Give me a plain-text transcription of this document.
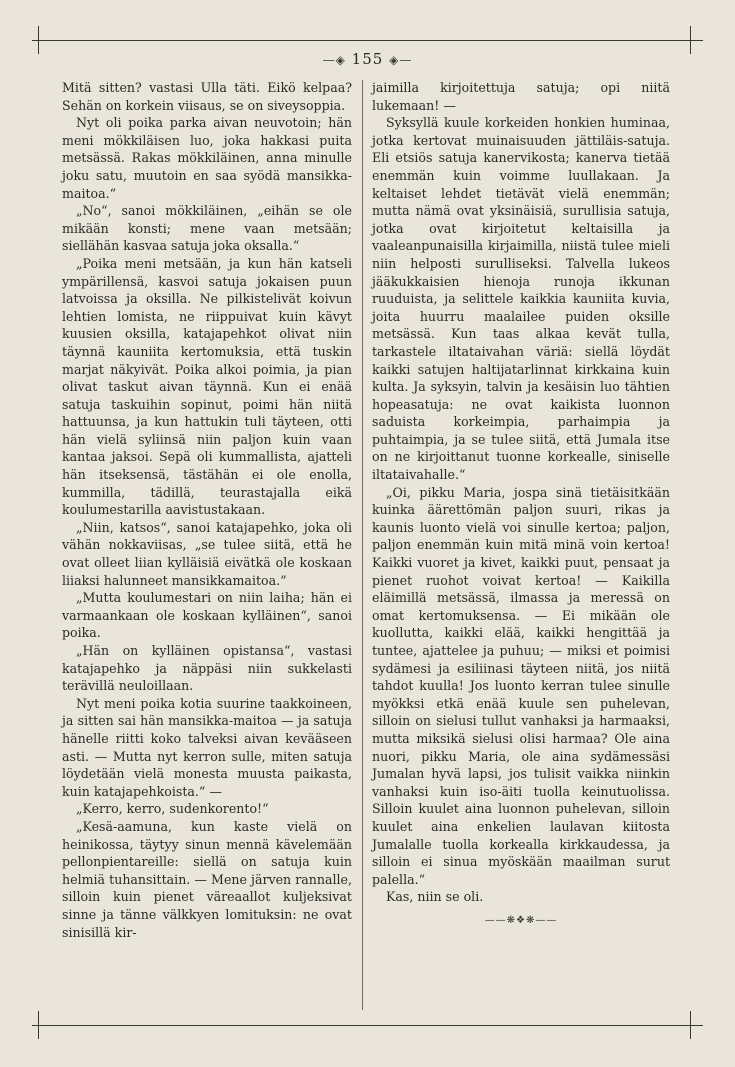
—◈ 155 ◈—

Mitä sitten? vastasi Ulla täti. Eikö kelpaa? Sehän on korkein viisaus, se on siveysoppia.

Nyt oli poika parka aivan neuvotoin; hän meni mökkiläisen luo, joka hakkasi puita metsässä. Rakas mökkiläinen, anna minulle joku satu, muutoin en saa syödä mansikka-maitoa.“

„No“, sanoi mökkiläinen, „eihän se ole mikään konsti; mene vaan metsään; siellähän kasvaa satuja joka oksalla.“

„Poika meni metsään, ja kun hän katseli ympärillensä, kasvoi satuja jokaisen puun latvoissa ja oksilla. Ne pilkistelivät koivun lehtien lomista, ne riippuivat kuin kävyt kuusien oksilla, katajapehkot olivat niin täynnä kauniita kertomuksia, että tuskin marjat näkyivät. Poika alkoi poimia, ja pian olivat taskut aivan täynnä. Kun ei enää satuja taskuihin sopinut, poimi hän niitä hattuunsa, ja kun hattukin tuli täyteen, otti hän vielä syliinsä niin paljon kuin vaan kantaa jaksoi. Sepä oli kummallista, ajatteli hän itseksensä, tästähän ei ole enolla, kummilla, tädillä, teurastajalla eikä koulumestarilla aavistustakaan.

„Niin, katsos“, sanoi katajapehko, joka oli vähän nokkaviisas, „se tulee siitä, että he ovat olleet liian kylläisiä eivätkä ole koskaan liiaksi halunneet mansikkamaitoa.“

„Mutta koulumestari on niin laiha; hän ei varmaankaan ole koskaan kylläinen“, sanoi poika.

„Hän on kylläinen opistansa“, vastasi katajapehko ja näppäsi niin sukkelasti terävillä neuloillaan.

Nyt meni poika kotia suurine taakkoineen, ja sitten sai hän mansikka-maitoa — ja satuja hänelle riitti koko talveksi aivan kevääseen asti. — Mutta nyt kerron sulle, miten satuja löydetään vielä monesta muusta paikasta, kuin katajapehkoista.“ —

„Kerro, kerro, sudenkorento!“

„Kesä-aamuna, kun kaste vielä on heinikossa, täytyy sinun mennä kävelemään pellonpientareille: siellä on satuja kuin helmiä tuhansittain. — Mene järven rannalle, silloin kuin pienet väreaallot kuljeksivat sinne ja tänne välkkyen lomituksin: ne ovat sinisillä kir-

jaimilla kirjoitettuja satuja; opi niitä lukemaan! —

Syksyllä kuule korkeiden honkien huminaa, jotka kertovat muinaisuuden jättiläis-satuja. Eli etsiös satuja kanervikosta; kanerva tietää enemmän kuin voimme luullakaan. Ja keltaiset lehdet tietävät vielä enemmän; mutta nämä ovat yksinäisiä, surullisia satuja, jotka ovat kirjoitetut keltaisilla ja vaaleanpunaisilla kirjaimilla, niistä tulee mieli niin helposti surulliseksi. Talvella lukeos jääkukkaisien hienoja runoja ikkunan ruuduista, ja selittele kaikkia kauniita kuvia, joita huurru maalailee puiden oksille metsässä. Kun taas alkaa kevät tulla, tarkastele iltataivahan väriä: siellä löydät kaikki satujen haltijatarlinnat kirkkaina kuin kulta. Ja syksyin, talvin ja kesäisin luo tähtien hopeasatuja: ne ovat kaikista luonnon saduista korkeimpia, parhaimpia ja puhtaimpia, ja se tulee siitä, että Jumala itse on ne kirjoittanut tuonne korkealle, siniselle iltataivahalle.“

„Oi, pikku Maria, jospa sinä tietäisitkään kuinka äärettömän paljon suuri, rikas ja kaunis luonto vielä voi sinulle kertoa; paljon, paljon enemmän kuin mitä minä voin kertoa! Kaikki vuoret ja kivet, kaikki puut, pensaat ja pienet ruohot voivat kertoa! — Kaikilla eläimillä metsässä, ilmassa ja meressä on omat kertomuksensa. — Ei mikään ole kuollutta, kaikki elää, kaikki hengittää ja tuntee, ajattelee ja puhuu; — miksi et poimisi sydämesi ja esiliinasi täyteen niitä, jos niitä tahdot kuulla! Jos luonto kerran tulee sinulle myökksi etkä enää kuule sen puhelevan, silloin on sielusi tullut vanhaksi ja harmaaksi, mutta miksikä sielusi olisi harmaa? Ole aina nuori, pikku Maria, ole aina sydämessäsi Jumalan hyvä lapsi, jos tulisit vaikka niinkin vanhaksi kuin iso-äiti tuolla keinutuolissa. Silloin kuulet aina luonnon puhelevan, silloin kuulet aina enkelien laulavan kiitosta Jumalalle tuolla korkealla kirkkaudessa, ja silloin ei sinua myöskään maailman surut palella.“

Kas, niin se oli.

——❋❖❋——
